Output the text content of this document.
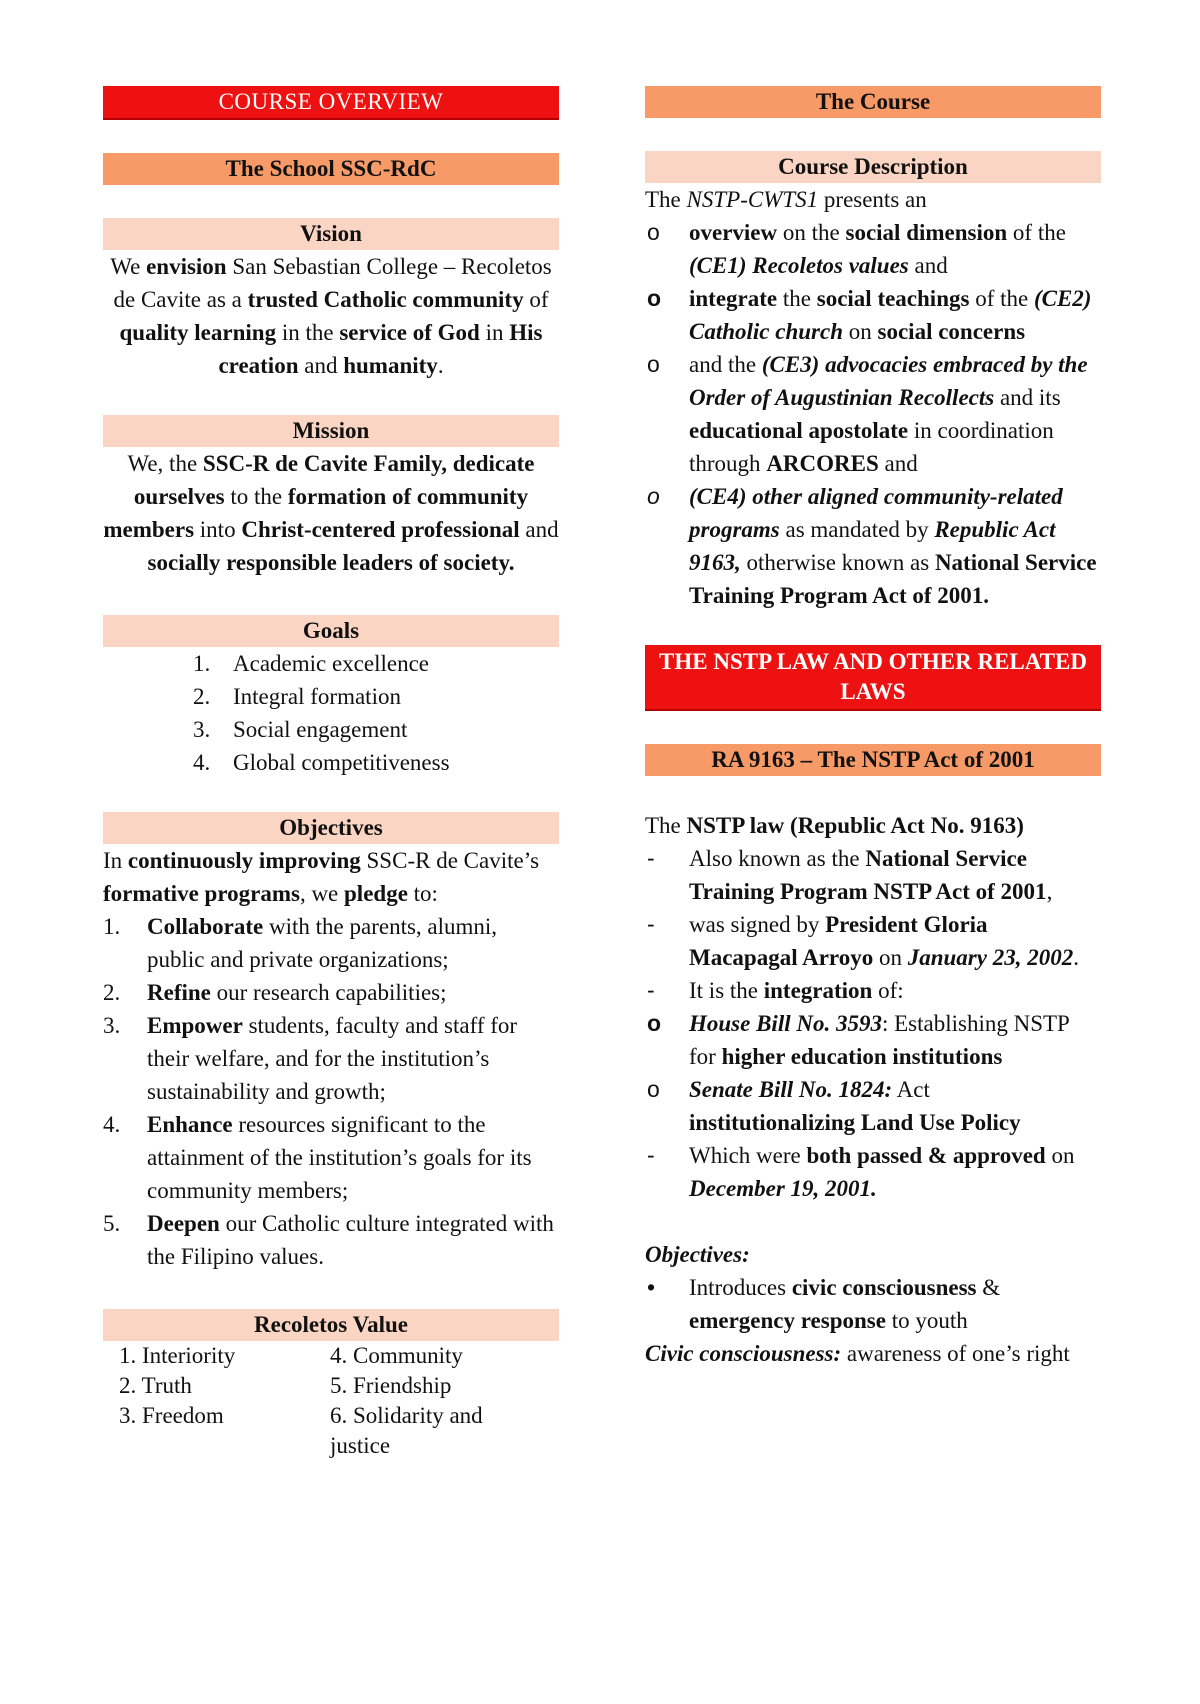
COURSE OVERVIEW
The School SSC-RdC
Vision

We envision San Sebastian College – Recoletos de Cavite as a trusted Catholic community of quality learning in the service of God in His creation and humanity.

Mission

We, the SSC-R de Cavite Family, dedicate ourselves to the formation of community members into Christ-centered professional and socially responsible leaders of society.

Goals
1. Academic excellence
2. Integral formation
3. Social engagement
4. Global competitiveness
Objectives

In continuously improving SSC-R de Cavite’s formative programs, we pledge to:

1. Collaborate with the parents, alumni, public and private organizations;
2. Refine our research capabilities;
3. Empower students, faculty and staff for their welfare, and for the institution’s sustainability and growth;
4. Enhance resources significant to the attainment of the institution’s goals for its community members;
5. Deepen our Catholic culture integrated with the Filipino values.
Recoletos Value
1. Interiority
2. Truth
3. Freedom
4. Community
5. Friendship
6. Solidarity and justice
The Course
Course Description

The NSTP-CWTS1 presents an

o overview on the social dimension of the (CE1) Recoletos values and
o integrate the social teachings of the (CE2) Catholic church on social concerns
o and the (CE3) advocacies embraced by the Order of Augustinian Recollects and its educational apostolate in coordination through ARCORES and
o (CE4) other aligned community-related programs as mandated by Republic Act 9163, otherwise known as National Service Training Program Act of 2001.
THE NSTP LAW AND OTHER RELATED LAWS
RA 9163 – The NSTP Act of 2001

The NSTP law (Republic Act No. 9163)

- Also known as the National Service Training Program NSTP Act of 2001,
- was signed by President Gloria Macapagal Arroyo on January 23, 2002.
- It is the integration of:
o House Bill No. 3593: Establishing NSTP for higher education institutions
o Senate Bill No. 1824: Act institutionalizing Land Use Policy
- Which were both passed & approved on December 19, 2001.

Objectives:

• Introduces civic consciousness & emergency response to youth

Civic consciousness: awareness of one’s right
